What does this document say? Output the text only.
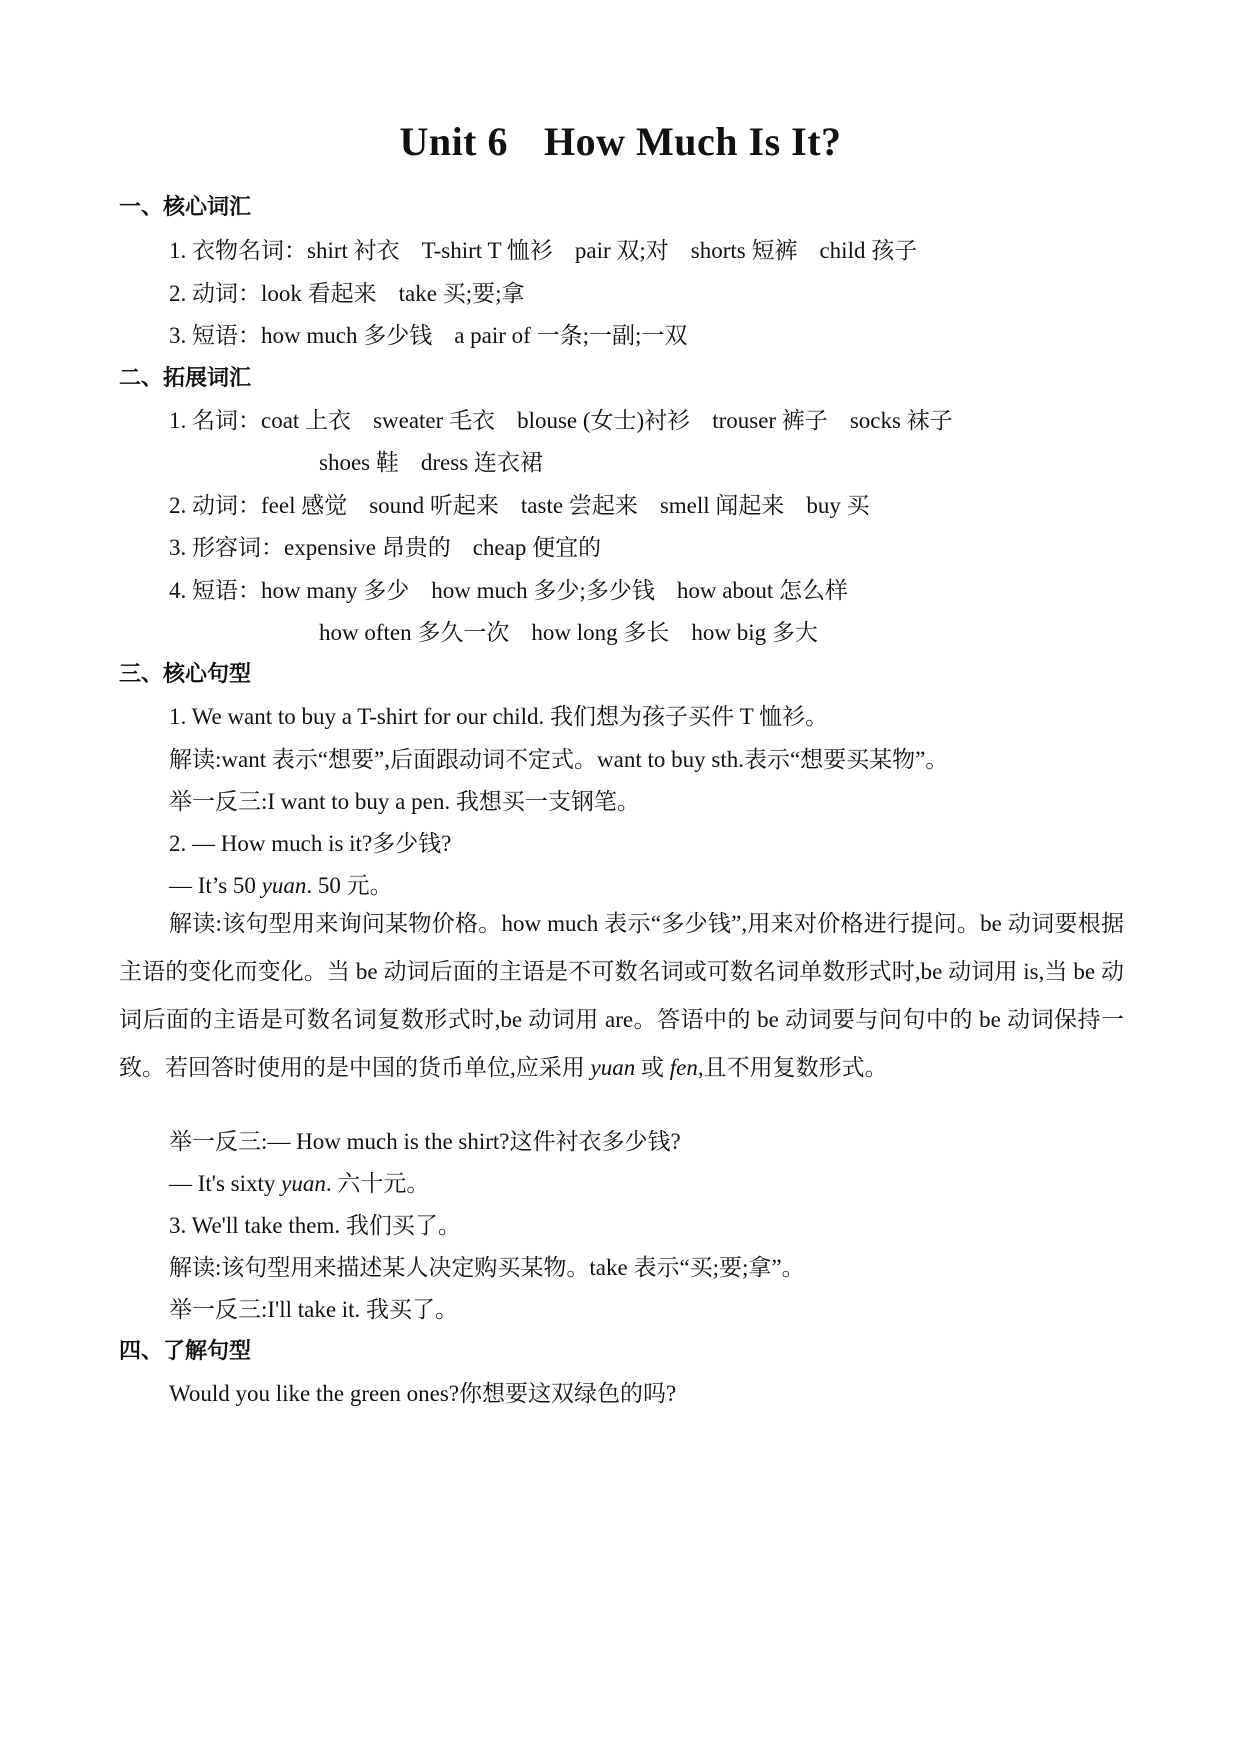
Unit 6 How Much Is It?
一、核心词汇
1. 衣物名词：shirt 衬衣 T-shirt T 恤衫 pair 双;对 shorts 短裤 child 孩子
2. 动词：look 看起来 take 买;要;拿
3. 短语：how much 多少钱 a pair of 一条;一副;一双
二、拓展词汇
1. 名词：coat 上衣 sweater 毛衣 blouse (女士)衬衫 trouser 裤子 socks 袜子
shoes 鞋 dress 连衣裙
2. 动词：feel 感觉 sound 听起来 taste 尝起来 smell 闻起来 buy 买
3. 形容词：expensive 昂贵的 cheap 便宜的
4. 短语：how many 多少 how much 多少;多少钱 how about 怎么样
how often 多久一次 how long 多长 how big 多大
三、核心句型
1. We want to buy a T-shirt for our child. 我们想为孩子买件 T 恤衫。
解读:want 表示“想要”,后面跟动词不定式。want to buy sth.表示“想要买某物”。
举一反三:I want to buy a pen. 我想买一支钢笔。
2. — How much is it?多少钱?
— It’s 50 yuan. 50 元。
解读:该句型用来询问某物价格。how much 表示“多少钱”,用来对价格进行提问。be 动词要根据主语的变化而变化。当 be 动词后面的主语是不可数名词或可数名词单数形式时,be 动词用 is,当 be 动词后面的主语是可数名词复数形式时,be 动词用 are。答语中的 be 动词要与问句中的 be 动词保持一致。若回答时使用的是中国的货币单位,应采用 yuan 或 fen,且不用复数形式。
举一反三:— How much is the shirt?这件衬衣多少钱?
— It's sixty yuan. 六十元。
3. We'll take them. 我们买了。
解读:该句型用来描述某人决定购买某物。take 表示“买;要;拿”。
举一反三:I'll take it. 我买了。
四、了解句型
Would you like the green ones?你想要这双绿色的吗?
